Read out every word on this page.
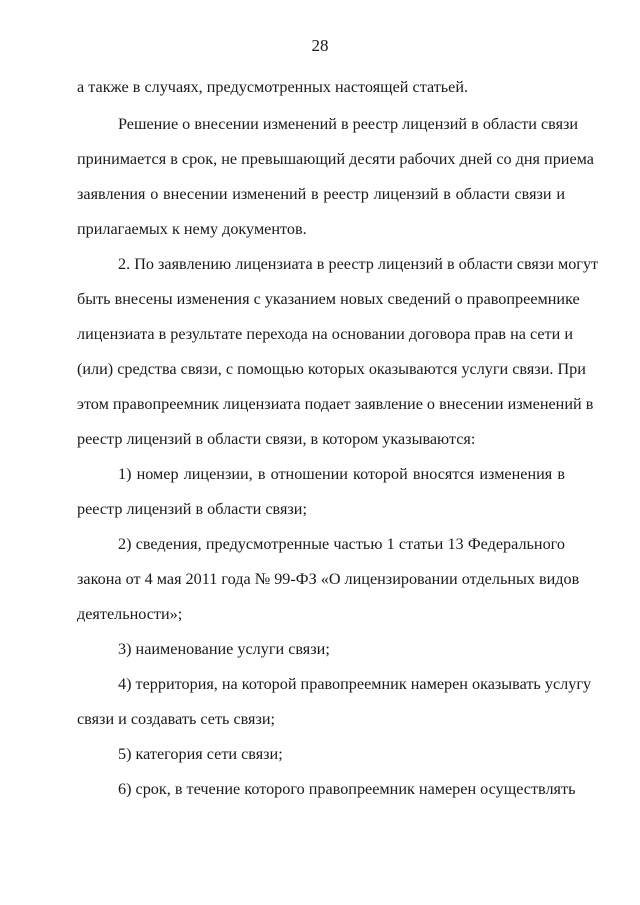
28
а также в случаях, предусмотренных настоящей статьей.
Решение о внесении изменений в реестр лицензий в области связи
принимается в срок, не превышающий десяти рабочих дней со дня приема
заявления о внесении изменений в реестр лицензий в области связи и
прилагаемых к нему документов.
2. По заявлению лицензиата в реестр лицензий в области связи могут
быть внесены изменения с указанием новых сведений о правопреемнике
лицензиата в результате перехода на основании договора прав на сети и
(или) средства связи, с помощью которых оказываются услуги связи. При
этом правопреемник лицензиата подает заявление о внесении изменений в
реестр лицензий в области связи, в котором указываются:
1) номер лицензии, в отношении которой вносятся изменения в
реестр лицензий в области связи;
2) сведения, предусмотренные частью 1 статьи 13 Федерального
закона от 4 мая 2011 года № 99-ФЗ «О лицензировании отдельных видов
деятельности»;
3) наименование услуги связи;
4) территория, на которой правопреемник намерен оказывать услугу
связи и создавать сеть связи;
5) категория сети связи;
6) срок, в течение которого правопреемник намерен осуществлять
